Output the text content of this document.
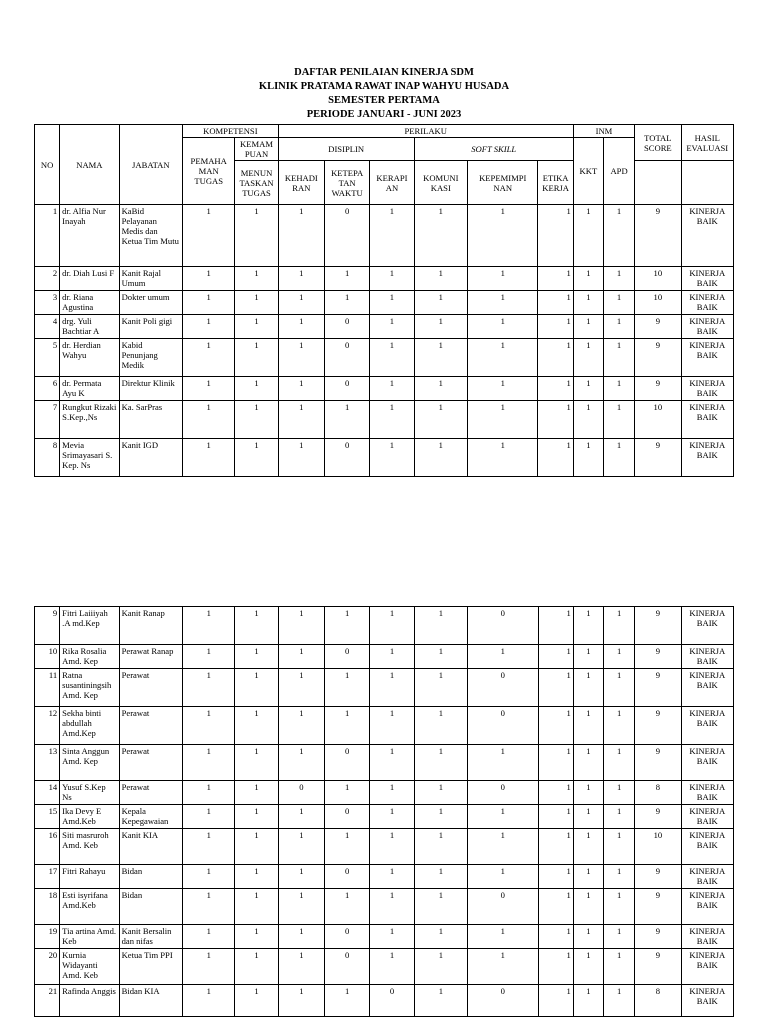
DAFTAR PENILAIAN KINERJA SDM
KLINIK PRATAMA RAWAT INAP WAHYU HUSADA
SEMESTER PERTAMA
PERIODE JANUARI - JUNI 2023
NO	NAMA	JABATAN	KOMPETENSI		PERILAKU						INM		TOTAL SCORE	HASIL EVALUASI
			PEMAHA MAN TUGAS	KEMAM PUAN	DISIPLIN			SOFT SKILL			KKT	APD		
				MENUN TASKAN TUGAS	KEHADI RAN	KETEPA TAN WAKTU	KERAPI AN	KOMUNI KASI	KEPEMIMPI NAN	ETIKA KERJA				
1	dr. Alfia Nur Inayah	KaBid Pelayanan Medis dan Ketua Tim Mutu	1	1	1	0	1	1	1	1	1	1	9	KINERJA BAIK
2	dr. Diah Lusi F	Kanit Rajal Umum	1	1	1	1	1	1	1	1	1	1	10	KINERJA BAIK
3	dr. Riana Agustina	Dokter umum	1	1	1	1	1	1	1	1	1	1	10	KINERJA BAIK
4	drg. Yuli Bachtiar A	Kanit Poli gigi	1	1	1	0	1	1	1	1	1	1	9	KINERJA BAIK
5	dr. Herdian Wahyu	Kabid Penunjang Medik	1	1	1	0	1	1	1	1	1	1	9	KINERJA BAIK
6	dr. Permata Ayu K	Direktur Klinik	1	1	1	0	1	1	1	1	1	1	9	KINERJA BAIK
7	Rungkut Rizaki S.Kep.,Ns	Ka. SarPras	1	1	1	1	1	1	1	1	1	1	10	KINERJA BAIK
8	Mevia Srimayasari S. Kep. Ns	Kanit IGD	1	1	1	0	1	1	1	1	1	1	9	KINERJA BAIK
9	Fitri Laiiiyah .A md.Kep	Kanit Ranap	1	1	1	1	1	1	0	1	1	1	9	KINERJA BAIK
10	Rika Rosalia Amd. Kep	Perawat Ranap	1	1	1	0	1	1	1	1	1	1	9	KINERJA BAIK
11	Ratna susantiningsih Amd. Kep	Perawat	1	1	1	1	1	1	0	1	1	1	9	KINERJA BAIK
12	Sekha binti abdullah Amd.Kep	Perawat	1	1	1	1	1	1	0	1	1	1	9	KINERJA BAIK
13	Sinta Anggun Amd. Kep	Perawat	1	1	1	0	1	1	1	1	1	1	9	KINERJA BAIK
14	Yusuf S.Kep Ns	Perawat	1	1	0	1	1	1	0	1	1	1	8	KINERJA BAIK
15	Ika Devy E Amd.Keb	Kepala Kepegawaian	1	1	1	0	1	1	1	1	1	1	9	KINERJA BAIK
16	Siti masruroh Amd. Keb	Kanit KIA	1	1	1	1	1	1	1	1	1	1	10	KINERJA BAIK
17	Fitri Rahayu	Bidan	1	1	1	0	1	1	1	1	1	1	9	KINERJA BAIK
18	Esti isyrifana Amd.Keb	Bidan	1	1	1	1	1	1	0	1	1	1	9	KINERJA BAIK
19	Tia artina Amd. Keb	Kanit Bersalin dan nifas	1	1	1	0	1	1	1	1	1	1	9	KINERJA BAIK
20	Kurnia Widayanti Amd. Keb	Ketua Tim PPI	1	1	1	0	1	1	1	1	1	1	9	KINERJA BAIK
21	Rafinda Anggis	Bidan KIA	1	1	1	1	0	1	0	1	1	1	8	KINERJA BAIK
